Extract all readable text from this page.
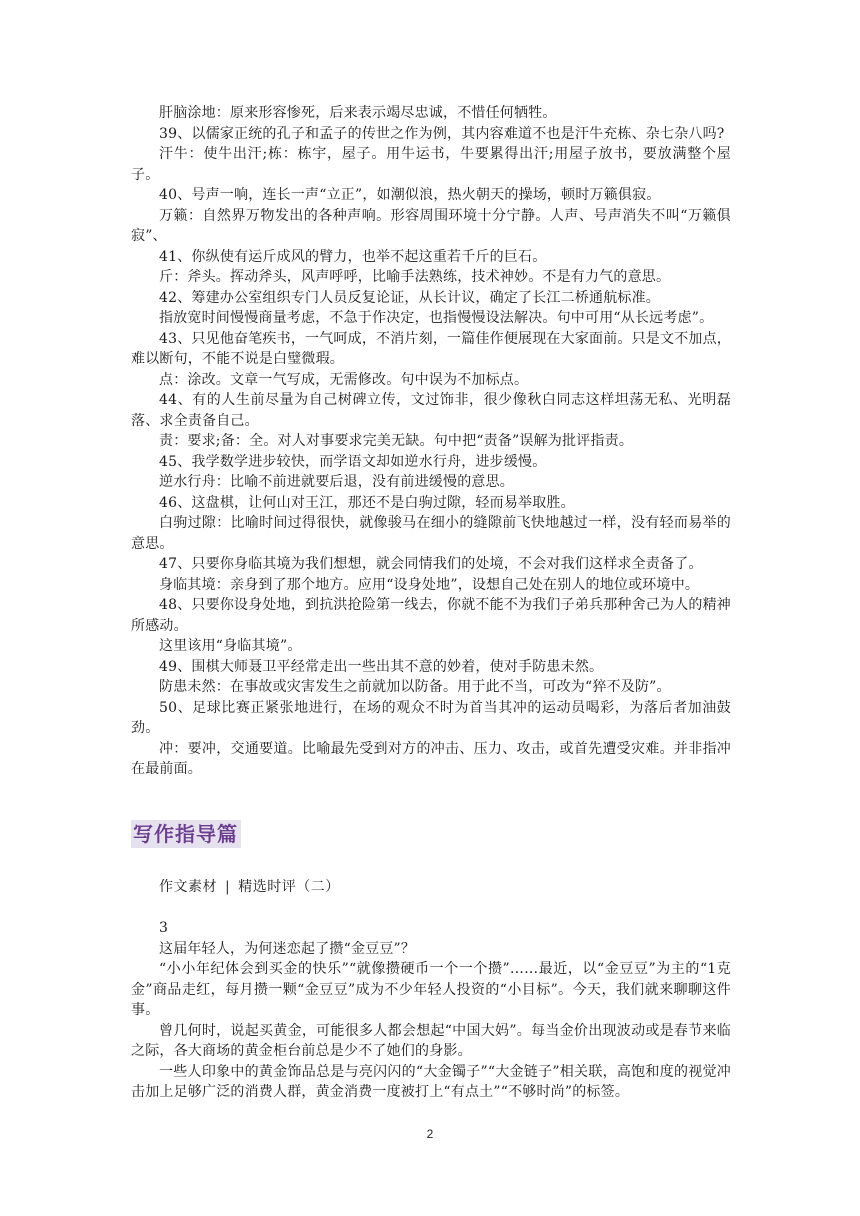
肝脑涂地：原来形容惨死，后来表示竭尽忠诚，不惜任何牺牲。

39、以儒家正统的孔子和孟子的传世之作为例，其内容难道不也是汗牛充栋、杂七杂八吗?

汗牛：使牛出汗;栋：栋宇，屋子。用牛运书，牛要累得出汗;用屋子放书，要放满整个屋子。

40、号声一响，连长一声“立正”，如潮似浪，热火朝天的操场，顿时万籁俱寂。

万籁：自然界万物发出的各种声响。形容周围环境十分宁静。人声、号声消失不叫“万籁俱寂”、

41、你纵使有运斤成风的臂力，也举不起这重若千斤的巨石。

斤：斧头。挥动斧头，风声呼呼，比喻手法熟练，技术神妙。不是有力气的意思。

42、筹建办公室组织专门人员反复论证，从长计议，确定了长江二桥通航标准。

指放宽时间慢慢商量考虑，不急于作决定，也指慢慢设法解决。句中可用“从长远考虑”。

43、只见他奋笔疾书，一气呵成，不消片刻，一篇佳作便展现在大家面前。只是文不加点，难以断句，不能不说是白璧微瑕。

点：涂改。文章一气写成，无需修改。句中误为不加标点。

44、有的人生前尽量为自己树碑立传，文过饰非，很少像秋白同志这样坦荡无私、光明磊落、求全责备自己。

责：要求;备：全。对人对事要求完美无缺。句中把“责备”误解为批评指责。

45、我学数学进步较快，而学语文却如逆水行舟，进步缓慢。

逆水行舟：比喻不前进就要后退，没有前进缓慢的意思。

46、这盘棋，让何山对王江，那还不是白驹过隙，轻而易举取胜。

白驹过隙：比喻时间过得很快，就像骏马在细小的缝隙前飞快地越过一样，没有轻而易举的意思。

47、只要你身临其境为我们想想，就会同情我们的处境，不会对我们这样求全责备了。

身临其境：亲身到了那个地方。应用“设身处地”，设想自己处在别人的地位或环境中。

48、只要你设身处地，到抗洪抢险第一线去，你就不能不为我们子弟兵那种舍己为人的精神所感动。

这里该用“身临其境”。

49、围棋大师聂卫平经常走出一些出其不意的妙着，使对手防患未然。

防患未然：在事故或灾害发生之前就加以防备。用于此不当，可改为“猝不及防”。

50、足球比赛正紧张地进行，在场的观众不时为首当其冲的运动员喝彩，为落后者加油鼓劲。

冲：要冲，交通要道。比喻最先受到对方的冲击、压力、攻击，或首先遭受灾难。并非指冲在最前面。

写作指导篇
作文素材 | 精选时评（二）

3

这届年轻人，为何迷恋起了攒“金豆豆”？

“小小年纪体会到买金的快乐”“就像攒硬币一个一个攒”……最近，以“金豆豆”为主的“1克金”商品走红，每月攒一颗“金豆豆”成为不少年轻人投资的“小目标”。今天，我们就来聊聊这件事。

曾几何时，说起买黄金，可能很多人都会想起“中国大妈”。每当金价出现波动或是春节来临之际，各大商场的黄金柜台前总是少不了她们的身影。

一些人印象中的黄金饰品总是与亮闪闪的“大金镯子”“大金链子”相关联，高饱和度的视觉冲击加上足够广泛的消费人群，黄金消费一度被打上“有点土”“不够时尚”的标签。

2
